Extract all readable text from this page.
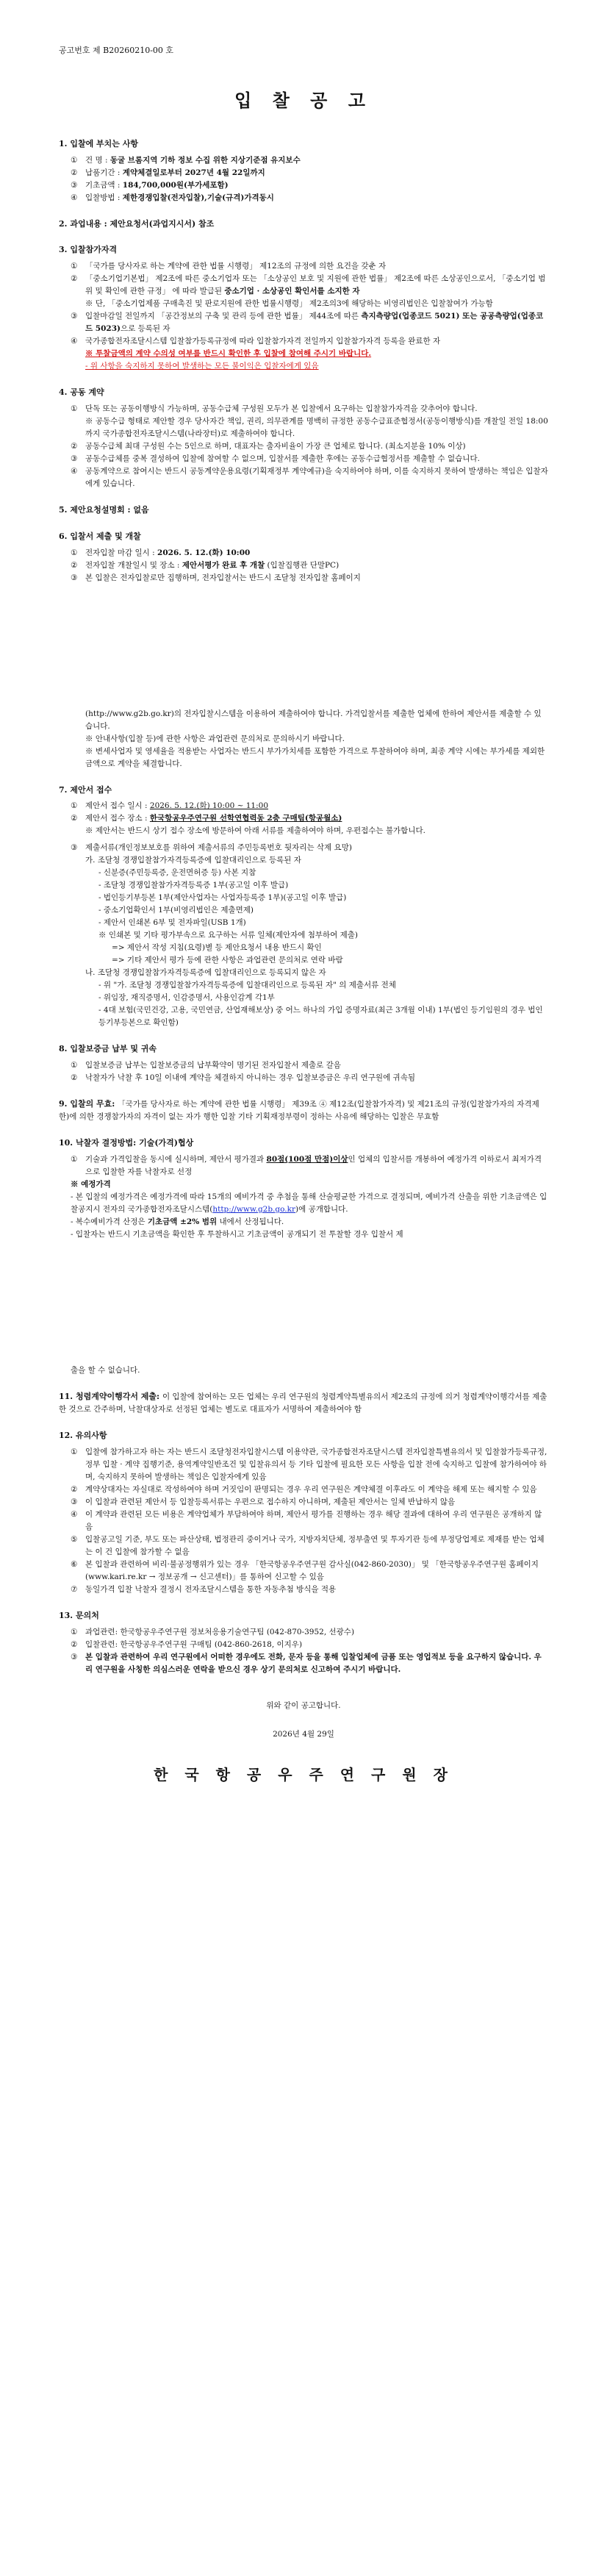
공고번호 제 B20260210-00 호
입 찰 공 고
1. 입찰에 부치는 사항
①	건 명 : 동굴 브롬지역 기하 정보 수집 위한 지상기준점 유지보수
②	납품기간 : 계약체결일로부터 2027년 4월 22일까지
③	기초금액 : 184,700,000원(부가세포함)
④	입찰방법 : 제한경쟁입찰(전자입찰),기술(규격)가격동시
2. 과업내용 : 제안요청서(과업지시서) 참조
3. 입찰참가자격
①	「국가를 당사자로 하는 계약에 관한 법률 시행령」 제12조의 규정에 의한 요건을 갖춘 자
②	「중소기업기본법」 제2조에 따른 중소기업자 또는 「소상공인 보호 및 지원에 관한 법률」 제2조에 따른 소상공인으로서, 「중소기업 범위 및 확인에 관한 규정」 에 따라 발급된 중소기업 · 소상공인 확인서를 소지한 자
※ 단, 「중소기업제품 구매촉진 및 판로지원에 관한 법률시행령」 제2조의3에 해당하는 비영리법인은 입찰참여가 가능함
③	입찰마감일 전일까지 「공간정보의 구축 및 관리 등에 관한 법률」 제44조에 따른 측지측량업(업종코드 5021) 또는 공공측량업(업종코드 5023)으로 등록된 자
④	국가종합전자조달시스템 입찰참가등록규정에 따라 입찰참가자격 전일까지 입찰참가자격 등록을 완료한 자
※ 투찰금액의 계약 수의성 여부를 반드시 확인한 후 입찰에 참여해 주시기 바랍니다.
- 위 사항을 숙지하지 못하여 발생하는 모든 불이익은 입찰자에게 있음
4. 공동 계약
①	단독 또는 공동이행방식 가능하며, 공동수급체 구성원 모두가 본 입찰에서 요구하는 입찰참가자격을 갖추어야 합니다.
※ 공동수급 형태로 제안할 경우 당사자간 책임, 권리, 의무관계를 명백히 규정한 공동수급표준협정서(공동이행방식)를 개찰일 전일 18:00까지 국가종합전자조달시스템(나라장터)로 제출하여야 합니다.
②	공동수급체 최대 구성원 수는 5인으로 하며, 대표자는 출자비율이 가장 큰 업체로 합니다. (최소지분율 10% 이상)
③	공동수급체를 중복 결성하여 입찰에 참여할 수 없으며, 입찰서를 제출한 후에는 공동수급협정서를 제출할 수 없습니다.
④	공동계약으로 참여시는 반드시 공동계약운용요령(기획재정부 계약예규)을 숙지하여야 하며, 이를 숙지하지 못하여 발생하는 책임은 입찰자에게 있습니다.
5. 제안요청설명회 : 없음
6. 입찰서 제출 및 개찰
①	전자입찰 마감 일시 : 2026. 5. 12.(화) 10:00
②	전자입찰 개찰일시 및 장소 : 제안서평가 완료 후 개찰 (입찰집행관 단말PC)
③	본 입찰은 전자입찰로만 집행하며, 전자입찰서는 반드시 조달청 전자입찰 홈페이지
(http://www.g2b.go.kr)의 전자입찰시스템을 이용하여 제출하여야 합니다. 가격입찰서를 제출한 업체에 한하여 제안서를 제출할 수 있습니다.
※ 안내사항(입찰 등)에 관한 사항은 과업관련 문의처로 문의하시기 바랍니다.
※ 변세사업자 및 영세율을 적용받는 사업자는 반드시 부가가치세를 포함한 가격으로 투찰하여야 하며, 최종 계약 시에는 부가세를 제외한 금액으로 계약을 체결합니다.
7. 제안서 접수
①	제안서 접수 일시 : 2026. 5. 12.(화) 10:00 ~ 11:00
②	제안서 접수 장소 : 한국항공우주연구원 선학연협력동 2층 구매팀(항공월소)
※ 제안서는 반드시 상기 접수 장소에 방문하여 아래 서류를 제출하여야 하며, 우편접수는 불가합니다.
③	제출서류(개인정보보호를 위하여 제출서류의 주민등록번호 뒷자리는 삭제 요망)
가. 조달청 경쟁입찰참가자격등록증에 입찰대리인으로 등록된 자
- 신분증(주민등록증, 운전면허증 등) 사본 지참
- 조달청 경쟁입찰참가자격등록증 1부(공고일 이후 발급)
- 법인등기부등본 1부(제안사업자는 사업자등록증 1부)(공고일 이후 발급)
- 중소기업확인서 1부(비영리법인은 제출면제)
- 제안서 인쇄본 6부 및 전자파일(USB 1개)
※ 인쇄본 및 기타 평가부속으로 요구하는 서류 일체(제안자에 첨부하여 제출)
=> 제안서 작성 지침(요령)별 등 제안요청서 내용 반드시 확인
=> 기타 제안서 평가 등에 관한 사항은 과업관련 문의처로 연락 바람
나. 조달청 경쟁입찰참가자격등록증에 입찰대리인으로 등록되지 않은 자
- 위 "가. 조달청 경쟁입찰참가자격등록증에 입찰대리인으로 등록된 자" 의 제출서류 전체
- 위임장, 재직증명서, 인감증명서, 사용인감계 각1부
- 4대 보험(국민건강, 고용, 국민연금, 산업재해보상) 중 어느 하나의 가입 증명자료(최근 3개월 이내) 1부(법인 등기임원의 경우 법인등기부등본으로 확인함)
8. 입찰보증금 납부 및 귀속
①	입찰보증금 납부는 입찰보증금의 납부확약이 명기된 전자입찰서 제출로 갈음
②	낙찰자가 낙찰 후 10일 이내에 계약을 체결하지 아니하는 경우 입찰보증금은 우리 연구원에 귀속됨
9. 입찰의 무효: 「국가를 당사자로 하는 계약에 관한 법률 시행령」 제39조 ④ 제12조(입찰참가자격) 및 제21조의 규정(입찰참가자의 자격제한)에 의한 경쟁참가자의 자격이 없는 자가 행한 입찰 기타 기획재정부령이 정하는 사유에 해당하는 입찰은 무효함
10. 낙찰자 결정방법: 기술(가격)협상
①	기술과 가격입찰을 동시에 실시하며, 제안서 평가결과 80점(100점 만점)이상인 업체의 입찰서를 개봉하여 예정가격 이하로서 최저가격으로 입찰한 자를 낙찰자로 선정
※ 예정가격
- 본 입찰의 예정가격은 예정가격에 따라 15개의 예비가격 중 추첨을 통해 산술평균한 가격으로 결정되며, 예비가격 산출을 위한 기초금액은 입찰공지시 전자의 국가종합전자조달시스템(http://www.g2b.go.kr)에 공개합니다.
- 복수예비가격 산정은 기초금액 ±2% 범위 내에서 산정됩니다.
- 입찰자는 반드시 기초금액을 확인한 후 투찰하시고 기초금액이 공개되기 전 투찰할 경우 입찰서 제
출을 할 수 없습니다.
11. 청렴계약이행각서 제출: 이 입찰에 참여하는 모든 업체는 우리 연구원의 청렴계약특별유의서 제2조의 규정에 의거 청렴계약이행각서를 제출한 것으로 간주하며, 낙찰대상자로 선정된 업체는 별도로 대표자가 서명하여 제출하여야 함
12. 유의사항
①	입찰에 참가하고자 하는 자는 반드시 조달청전자입찰시스템 이용약관, 국가종합전자조달시스템 전자입찰특별유의서 및 입찰참가등록규정, 정부 입찰 · 계약 집행기준, 용역계약일반조건 및 입찰유의서 등 기타 입찰에 필요한 모든 사항을 입찰 전에 숙지하고 입찰에 참가하여야 하며, 숙지하지 못하여 발생하는 책임은 입찰자에게 있음
②	계약상대자는 자실대로 작성하여야 하며 거짓임이 판명되는 경우 우리 연구원은 계약체결 이후라도 이 계약을 해제 또는 해지할 수 있음
③	이 입찰과 관련된 제안서 등 입찰등록서류는 우편으로 접수하지 아니하며, 제출된 제안서는 일체 반납하지 않음
④	이 계약과 관련된 모든 비용은 계약업체가 부담하여야 하며, 제안서 평가를 진행하는 경우 해당 결과에 대하여 우리 연구원은 공개하지 않음
⑤	입찰공고일 기준, 부도 또는 파산상태, 법정관리 중이거나 국가, 지방자치단체, 정부출연 및 투자기관 등에 부정당업제로 제재를 받는 업체는 이 건 입찰에 참가할 수 없음
⑥	본 입찰과 관련하여 비리·불공정행위가 있는 경우 「한국항공우주연구원 감사실(042-860-2030)」 및 「한국항공우주연구원 홈페이지(www.kari.re.kr → 정보공개 → 신고센터)」를 통하여 신고할 수 있음
⑦	동일가격 입찰 낙찰자 결정시 전자조달시스템을 통한 자동추첨 방식을 적용
13. 문의처
①	과업관련: 한국항공우주연구원 정보처응용기술연구팀 (042-870-3952, 선광수)
②	입찰관련: 한국항공우주연구원 구매팀 (042-860-2618, 이지우)
③	본 입찰과 관련하여 우리 연구원에서 어떠한 경우에도 전화, 문자 등을 통해 입찰업체에 금품 또는 영업적보 등을 요구하지 않습니다. 우리 연구원을 사칭한 의심스러운 연락을 받으신 경우 상기 문의처로 신고하여 주시기 바랍니다.
위와 같이 공고합니다.
2026년 4월 29일
한 국 항 공 우 주 연 구 원 장
